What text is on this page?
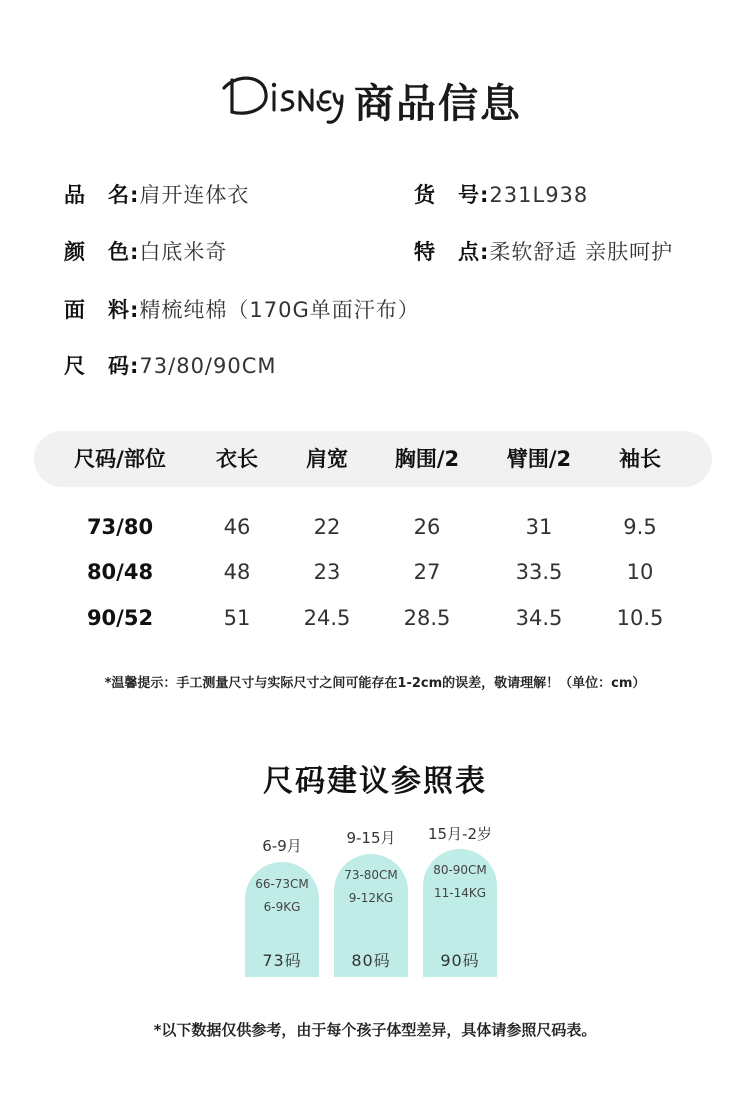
商品信息
品　名:肩开连体衣	货　号:231L938
颜　色:白底米奇	特　点:柔软舒适 亲肤呵护
面　料:精梳纯棉（170G单面汗布）
尺　码:73/80/90CM
尺码/部位 衣长 肩宽 胸围/2 臂围/2 袖长
73/80	46	22	26	31	9.5
80/48	48	23	27	33.5	10
90/52	51	24.5	28.5	34.5	10.5
*温馨提示：手工测量尺寸与实际尺寸之间可能存在1-2cm的误差，敬请理解！（单位：cm）
尺码建议参照表
6-9月
66-73CM
6-9KG
73码
9-15月
73-80CM
9-12KG
80码
15月-2岁
80-90CM
11-14KG
90码
*以下数据仅供参考，由于每个孩子体型差异，具体请参照尺码表。
